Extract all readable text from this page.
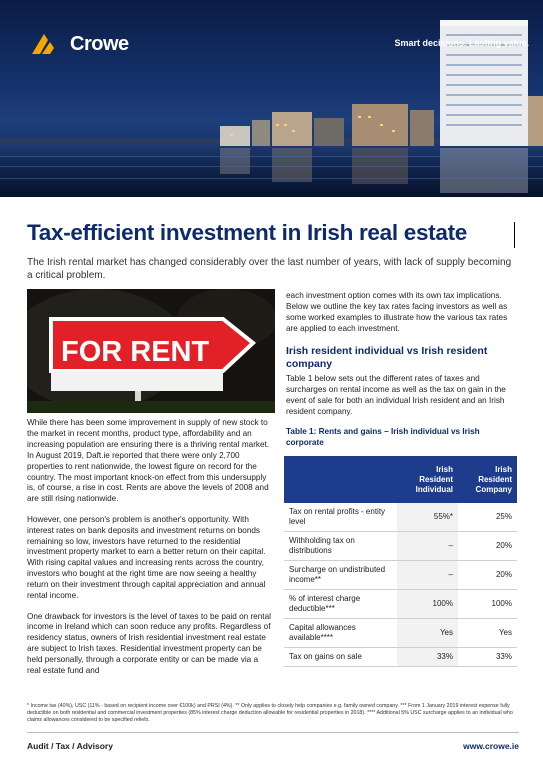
Crowe	Smart decisions. Lasting value.
Tax-efficient investment in Irish real estate
The Irish rental market has changed considerably over the last number of years, with lack of supply becoming a critical problem.
FOR RENT

While there has been some improvement in supply of new stock to the market in recent months, product type, affordability and an increasing population are ensuring there is a thriving rental market. In August 2019, Daft.ie reported that there were only 2,700 properties to rent nationwide, the lowest figure on record for the country. The most important knock-on effect from this undersupply is, of course, a rise in cost. Rents are above the levels of 2008 and are still rising nationwide.

However, one person's problem is another's opportunity. With interest rates on bank deposits and investment returns on bonds remaining so low, investors have returned to the residential investment property market to earn a better return on their capital. With rising capital values and increasing rents across the country, investors who bought at the right time are now seeing a healthy return on their investment through capital appreciation and annual rental income.

One drawback for investors is the level of taxes to be paid on rental income in Ireland which can soon reduce any profits. Regardless of residency status, owners of Irish residential investment real estate are subject to Irish taxes. Residential investment property can be held personally, through a corporate entity or can be made via a real estate fund and

each investment option comes with its own tax implications. Below we outline the key tax rates facing investors as well as some worked examples to illustrate how the various tax rates are applied to each investment.
Irish resident individual vs Irish resident company
Table 1 below sets out the different rates of taxes and surcharges on rental income as well as the tax on gain in the event of sale for both an individual Irish resident and an Irish resident company.
Table 1: Rents and gains – Irish individual vs Irish corporate
	Irish Resident Individual	Irish Resident Company
Tax on rental profits - entity level	55%*	25%
Withholding tax on distributions	–	20%
Surcharge on undistributed income**	–	20%
% of interest charge deductible***	100%	100%
Capital allowances available****	Yes	Yes
Tax on gains on sale	33%	33%
* Income tax (40%), USC (11% - based on recipient income over €100k) and PRSI (4%). ** Only applies to closely help companies e.g. family owned company. *** From 1 January 2019 interest expense fully deductible on both residential and commercial investment properties (85% interest charge deduction allowable for residential properties in 2018). **** Additional 5% USC surcharge applies to an individual who claims allowances considered to be specified reliefs.
Audit / Tax / Advisory	www.crowe.ie
